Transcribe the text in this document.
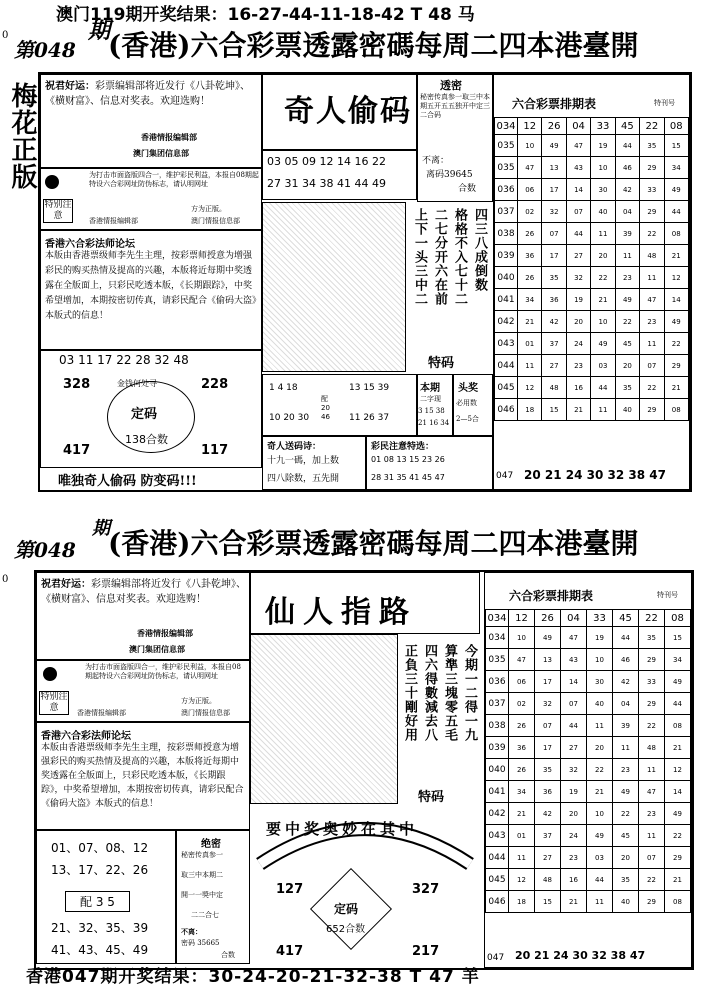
澳门119期开奖结果：16-27-44-11-18-42 T 48 马
0
第048
期
(香港)六合彩票透露密碼每周二四本港臺開
梅花正版 祝君好运：彩票编辑部将近发行《八卦乾坤》、《横财富》、信息对奖表。欢迎选购！
香港情报编辑部
澳门集团信息部
特别注意
为打击市面盗版四合一，维护彩民利益，本报自08期起特设六合彩网址防伪标志，请认明网址
香港情报编辑部
方为正版。
澳门情报信息部
香港六合彩法师论坛
本版由香港票级师李先生主理，按彩票师授意为增强彩民的购买热情及提高的兴趣，本版将近每期中奖透露在全版面上，只彩民吃透本版，《长期跟踪》，中奖希望增加，本期按密切传真，请彩民配合《偷码大盗》本版式的信息！
03 11 17 22 28 32 48
328	228
金钱何处寻
定码
138合数
417	117
唯独奇人偷码 防变码!!!
奇人偷码
03 05 09 12 14 16 22
27 31 34 38 41 44 49
透密
秘密传真参一取三中本期五开五五独开中定三二合码
不离：
离码39645
合数
四三八成倒数
格格不入七十二
二七分开六在前
上下一头三中二
特码
1 4 18
10 20 30
配 20 46
13 15 39
11 26 37
本期
二字现
3 15 38
21 16 34
头奖
必用数
2—5合
奇人送码诗：
十九一碼，加上数
四八除数，五先開
彩民注意特选：
01 08 13 15 23 26
28 31 35 41 45 47
六合彩票排期表	特刊号
034	12	26	04	33	45	22	08
035	10	49	47	19	44	35	15
035	47	13	43	10	46	29	34
036	06	17	14	30	42	33	49
037	02	32	07	40	04	29	44
038	26	07	44	11	39	22	08
039	36	17	27	20	11	48	21
040	26	35	32	22	23	11	12
041	34	36	19	21	49	47	14
042	21	42	20	10	22	23	49
043	01	37	24	49	45	11	22
044	11	27	23	03	20	07	29
045	12	48	16	44	35	22	21
046	18	15	21	11	40	29	08
047 20 21 24 30 32 38 47
0
第048
期
(香港)六合彩票透露密碼每周二四本港臺開
祝君好运：彩票编辑部将近发行《八卦乾坤》、《横财富》、信息对奖表。欢迎选购！
香港情报编辑部
澳门集团信息部
特别注意
为打击市面盗版四合一，维护彩民利益，本报自08期起特设六合彩网址防伪标志，请认明网址
香港情报编辑部
方为正版。
澳门情报信息部
香港六合彩法师论坛
本版由香港票级师李先生主理，按彩票师授意为增强彩民的购买热情及提高的兴趣，本版将近每期中奖透露在全版面上，只彩民吃透本版，《长期跟踪》，中奖希望增加，本期按密切传真，请彩民配合《偷码大盗》本版式的信息！
01、07、08、12
13、17、22、26
配 3 5
21、32、35、39
41、43、45、49
绝密
秘密传真参一
取三中本期二
開一一獎中定
二二合七
不离：
密码 35665
合数
仙人指路
今期一二得一九
算準三塊零五毛
四六得數減去八
正負三十剛好用
特码
要中奖奥妙在其中
127	327
定码
652合数
417	217
六合彩票排期表	特刊号
034	12	26	04	33	45	22	08
034	10	49	47	19	44	35	15
035	47	13	43	10	46	29	34
036	06	17	14	30	42	33	49
037	02	32	07	40	04	29	44
038	26	07	44	11	39	22	08
039	36	17	27	20	11	48	21
040	26	35	32	22	23	11	12
041	34	36	19	21	49	47	14
042	21	42	20	10	22	23	49
043	01	37	24	49	45	11	22
044	11	27	23	03	20	07	29
045	12	48	16	44	35	22	21
046	18	15	21	11	40	29	08
047 20 21 24 30 32 38 47
香港047期开奖结果：30-24-20-21-32-38 T 47 羊
